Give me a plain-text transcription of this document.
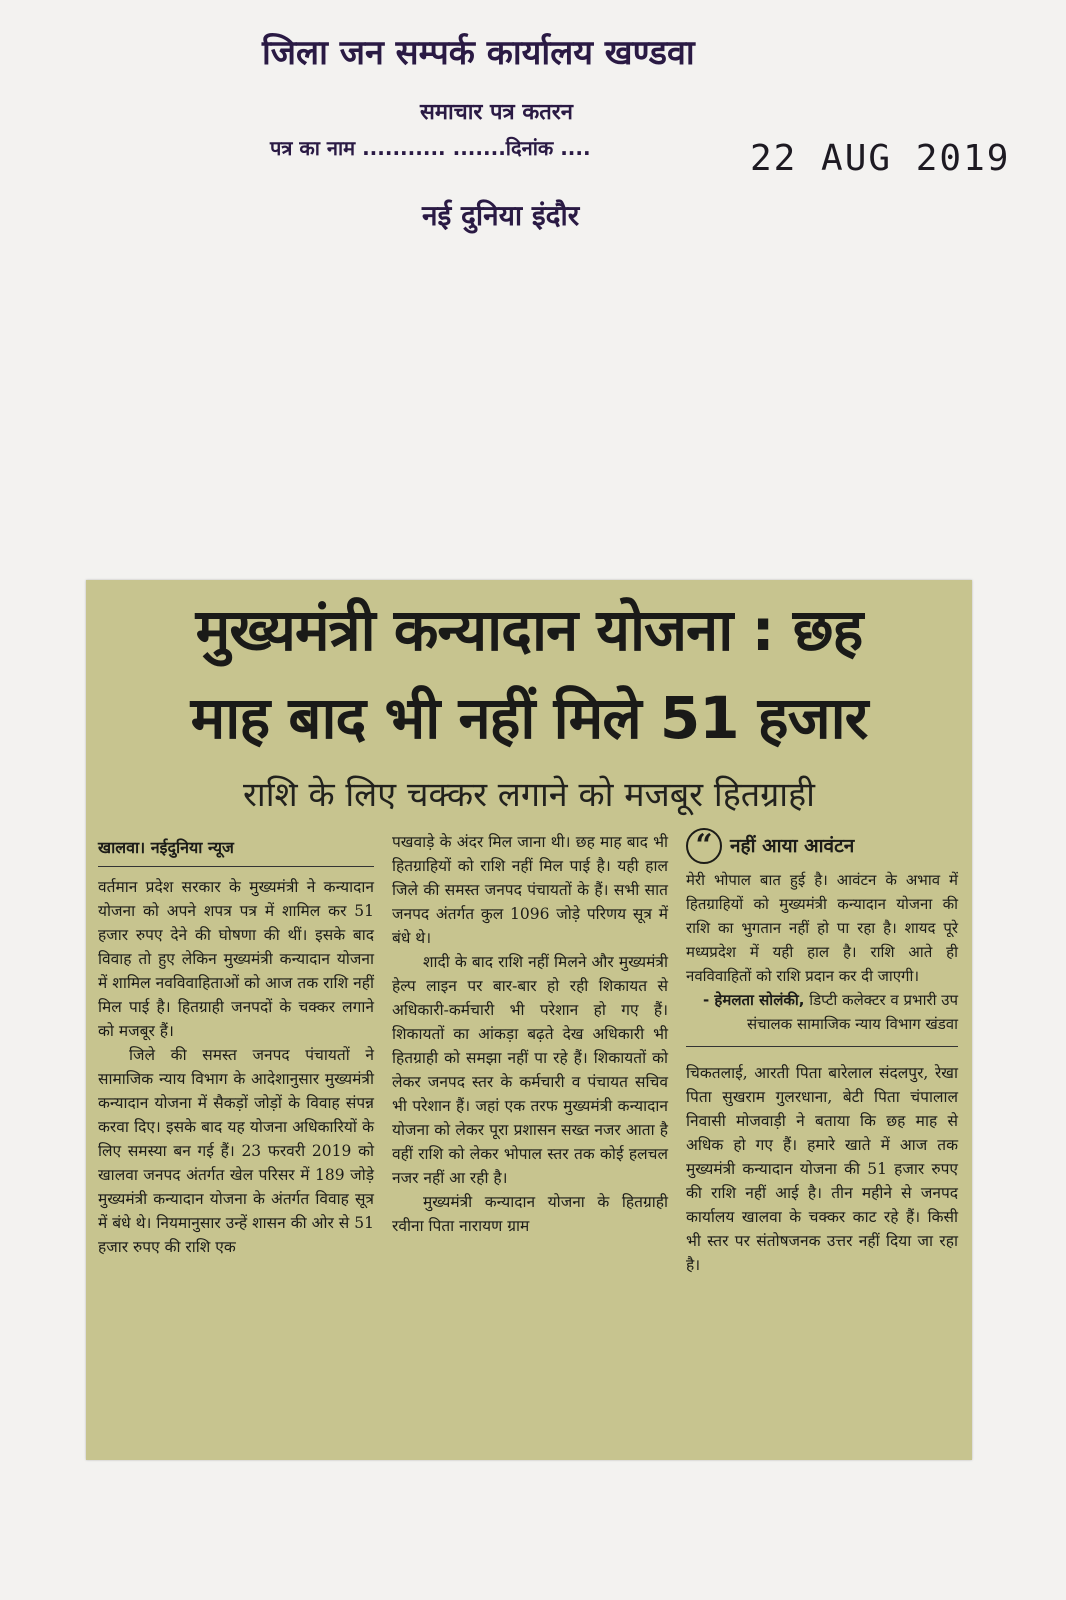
जिला जन सम्पर्क कार्यालय खण्डवा
समाचार पत्र कतरन
पत्र का नाम ........... .......दिनांक ....	22 AUG 2019
नई दुनिया इंदौर
मुख्यमंत्री कन्यादान योजना : छह
माह बाद भी नहीं मिले 51 हजार
राशि के लिए चक्कर लगाने को मजबूर हितग्राही
खालवा। नईदुनिया न्यूज

वर्तमान प्रदेश सरकार के मुख्यमंत्री ने कन्यादान योजना को अपने शपत्र पत्र में शामिल कर 51 हजार रुपए देने की घोषणा की थीं। इसके बाद विवाह तो हुए लेकिन मुख्यमंत्री कन्यादान योजना में शामिल नवविवाहिताओं को आज तक राशि नहीं मिल पाई है। हितग्राही जनपदों के चक्कर लगाने को मजबूर हैं।

जिले की समस्त जनपद पंचायतों ने सामाजिक न्याय विभाग के आदेशानुसार मुख्यमंत्री कन्यादान योजना में सैकड़ों जोड़ों के विवाह संपन्न करवा दिए। इसके बाद यह योजना अधिकारियों के लिए समस्या बन गई हैं। 23 फरवरी 2019 को खालवा जनपद अंतर्गत खेल परिसर में 189 जोड़े मुख्यमंत्री कन्यादान योजना के अंतर्गत विवाह सूत्र में बंधे थे। नियमानुसार उन्हें शासन की ओर से 51 हजार रुपए की राशि एक

पखवाड़े के अंदर मिल जाना थी। छह माह बाद भी हितग्राहियों को राशि नहीं मिल पाई है। यही हाल जिले की समस्त जनपद पंचायतों के हैं। सभी सात जनपद अंतर्गत कुल 1096 जोड़े परिणय सूत्र में बंधे थे।

शादी के बाद राशि नहीं मिलने और मुख्यमंत्री हेल्प लाइन पर बार-बार हो रही शिकायत से अधिकारी-कर्मचारी भी परेशान हो गए हैं। शिकायतों का आंकड़ा बढ़ते देख अधिकारी भी हितग्राही को समझा नहीं पा रहे हैं। शिकायतों को लेकर जनपद स्तर के कर्मचारी व पंचायत सचिव भी परेशान हैं। जहां एक तरफ मुख्यमंत्री कन्यादान योजना को लेकर पूरा प्रशासन सख्त नजर आता है वहीं राशि को लेकर भोपाल स्तर तक कोई हलचल नजर नहीं आ रही है।

मुख्यमंत्री कन्यादान योजना के हितग्राही रवीना पिता नारायण ग्राम

“ नहीं आया आवंटन
मेरी भोपाल बात हुई है। आवंटन के अभाव में हितग्राहियों को मुख्यमंत्री कन्यादान योजना की राशि का भुगतान नहीं हो पा रहा है। शायद पूरे मध्यप्रदेश में यही हाल है। राशि आते ही नवविवाहितों को राशि प्रदान कर दी जाएगी।
- हेमलता सोलंकी, डिप्टी कलेक्टर व प्रभारी उप संचालक सामाजिक न्याय विभाग खंडवा

चिकतलाई, आरती पिता बारेलाल संदलपुर, रेखा पिता सुखराम गुलरधाना, बेटी पिता चंपालाल निवासी मोजवाड़ी ने बताया कि छह माह से अधिक हो गए हैं। हमारे खाते में आज तक मुख्यमंत्री कन्यादान योजना की 51 हजार रुपए की राशि नहीं आई है। तीन महीने से जनपद कार्यालय खालवा के चक्कर काट रहे हैं। किसी भी स्तर पर संतोषजनक उत्तर नहीं दिया जा रहा है।
